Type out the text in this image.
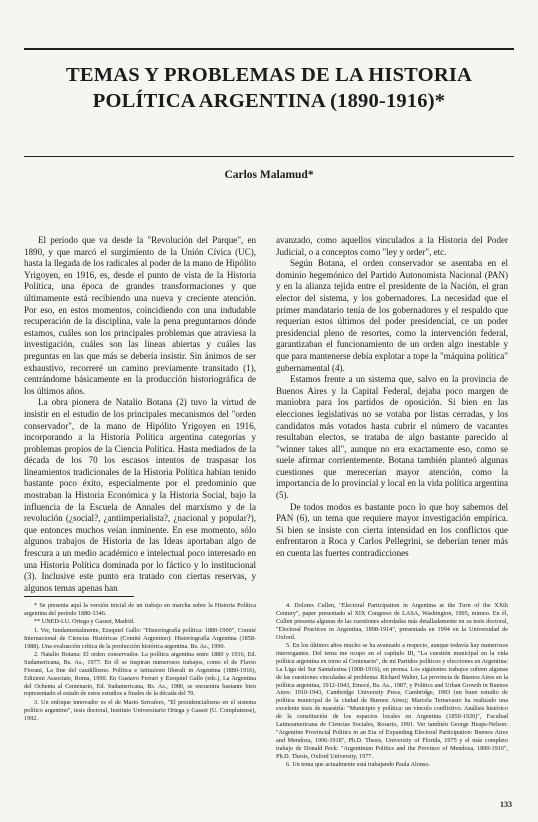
TEMAS Y PROBLEMAS DE LA HISTORIA
POLÍTICA ARGENTINA (1890-1916)*
Carlos Malamud*

El período que va desde la "Revolución del Parque", en 1890, y que marcó el surgimiento de la Unión Cívica (UC), hasta la llegada de los radicales al poder de la mano de Hipólito Yrigoyen, en 1916, es, desde el punto de vista de la Historia Política, una época de grandes transformaciones y que últimamente está recibiendo una nueva y creciente atención. Por eso, en estos momentos, coincidiendo con una indudable recuperación de la disciplina, vale la pena preguntarnos dónde estamos, cuáles son los principales problemas que atraviesa la investigación, cuáles son las líneas abiertas y cuáles las preguntas en las que más se debería insistir. Sin ánimos de ser exhaustivo, recorreré un camino previamente transitado (1), centrándome básicamente en la producción historiográfica de los últimos años.

La obra pionera de Natalio Botana (2) tuvo la virtud de insistir en el estudio de los principales mecanismos del "orden conservador", de la mano de Hipólito Yrigoyen en 1916, incorporando a la Historia Política argentina categorías y problemas propios de la Ciencia Política. Hasta mediados de la década de los 70 los escasos intentos de traspasar los lineamientos tradicionales de la Historia Política habían tenido bastante poco éxito, especialmente por el predominio que mostraban la Historia Económica y la Historia Social, bajo la influencia de la Escuela de Annales del marxismo y de la revolución (¿social?, ¿antiimperialista?, ¿nacional y popular?), que entonces muchos veían inminente. En ese momento, sólo algunos trabajos de Historia de las Ideas aportaban algo de frescura a un medio académico e intelectual poco interesado en una Historia Política dominada por lo fáctico y lo institucional (3). Inclusive este punto era tratado con ciertas reservas, y algunos temas apenas han

avanzado, como aquellos vinculados a la Historia del Poder Judicial, o a conceptos como "ley y order", etc.

Según Botana, el orden conservador se asentaba en el dominio hegemónico del Partido Autonomista Nacional (PAN) y en la alianza tejida entre el presidente de la Nación, el gran elector del sistema, y los gobernadores. La necesidad que el primer mandatario tenía de los gobernadores y el respaldo que requerían estos últimos del poder presidencial, ce un poder presidencial pleno de resortes, como la intervención federal, garantizaban el funcionamiento de un orden algo inestable y que para mantenerse debía explotar a tope la "máquina política" gubernamental (4).

Estamos frente a un sistema que, salvo en la provincia de Buenos Aires y la Capital Federal, dejaba poco margen de maniobra para los partidos de oposición. Si bien en las elecciones legislativas no se votaba por listas cerradas, y los candidatos más votados hasta cubrir el número de vacantes resultaban electos, se trataba de algo bastante parecido al "winner takes all", aunque no era exactamente eso, como se suele afirmar corrientemente. Botana también planteó algunas cuestiones que merecerían mayor atención, como la importancia de lo provincial y local en la vida política argentina (5).

De todos modos es bastante poco lo que hoy sabemos del PAN (6), un tema que requiere mayor investigación empírica. Si bien se insiste con cierta intensidad en los conflictos que enfrentaron a Roca y Carlos Pellegrini, se deberían tener más en cuenta las fuertes contradicciones

* Se presenta aquí la versión inicial de un trabajo en marcha sobre la Historia Política argentina del período 1880-1346.

** UNED-I.U. Ortega y Gasset, Madrid.

1. Ver, fundamentalmente, Ezequiel Gallo: "Historiografía política: 1880-1900", Comité Internacional de Ciencias Históricas (Comité Argentino): Historiografía Argentina (1858-1988). Una evaluación crítica de la producción histórica argentina. Bs. As., 1990.

2. Natalio Botana: El orden conservador. La política argentina entre 1880 y 1916, Ed. Sudamericana, Bs. As., 1977. En él se inspiran numerosos trabajos, como el de Flavio Fiorani, La fine del caudillismo. Política e istituzioni liberali in Argentina (1880-1916), Edizioni Associate, Roma, 1990. En Gustavo Ferrari y Ezequiel Gallo (eds.), La Argentina del Ochenta al Centenario, Ed. Sudamericana, Bs. As., 1980, se encuentra bastante bien representado el estado de estos estudios a finales de la década del 70.

3. Un enfoque innovador es el de Mario Serrafero, "El presidencialismo en el sistema político argentino", tesis doctoral, Instituto Universitario Ortega y Gasset (U. Complutense), 1992.

4. Dolores Cullen, "Electoral Participation in Argentina at the Turn of the XXth Century", paper presentado al XIX Congreso de LASA, Washington, 1995, mimeo. En él, Cullen presenta algunas de las cuestiones abordadas más detalladamente en su tesis doctoral, "Electoral Practices in Argentina, 1898-1914", presentada en 1994 en la Universidad de Oxford.

5. En los últimos años mucho se ha avanzado a respecto, aunque todavía hay numerosos interrogantes. Del tema me ocupo en el capítulo III, "La cuestión municipal en la vida política argentina en torno al Centenario", de mi Partidos políticos y elecciones en Argentina: La Liga del Sur Santafesina (1908-1916), en prensa. Los siguientes trabajos cubren algunas de las cuestiones vinculadas al problema: Richard Walter, La provincia de Buenos Aires en la política argentina, 1912-1943, Emecé, Bs. As., 1987, y Politics and Urban Growth in Buenos Aires: 1910-1943, Cambridge University Press, Cambridge, 1993 (un buen estudio de política municipal de la ciudad de Buenos Aires); Marcela Ternavasio ha realizado una excelente tesis de maestría: "Municipio y política: un vínculo conflictivo. Análisis histórico de la constitución de los espacios locales en Argentina (1850-1920)", Facultad Latinoamericana de Ciencias Sociales, Rosario, 1991. Ver también George Heaps-Nelson: "Argentine Provincial Politics in an Era of Expanding Electoral Participation: Buenos Aires and Mendoza, 1906-1918", Ph.D. Thesis, University of Florida, 1975 y el más completo trabajo de Donald Peck: "Argentinian Politics and the Province of Mendoza, 1890-1916", Ph.D. Thesis, Oxford University, 1977.

6. Un tema que actualmente está trabajando Paula Alonso.

133
